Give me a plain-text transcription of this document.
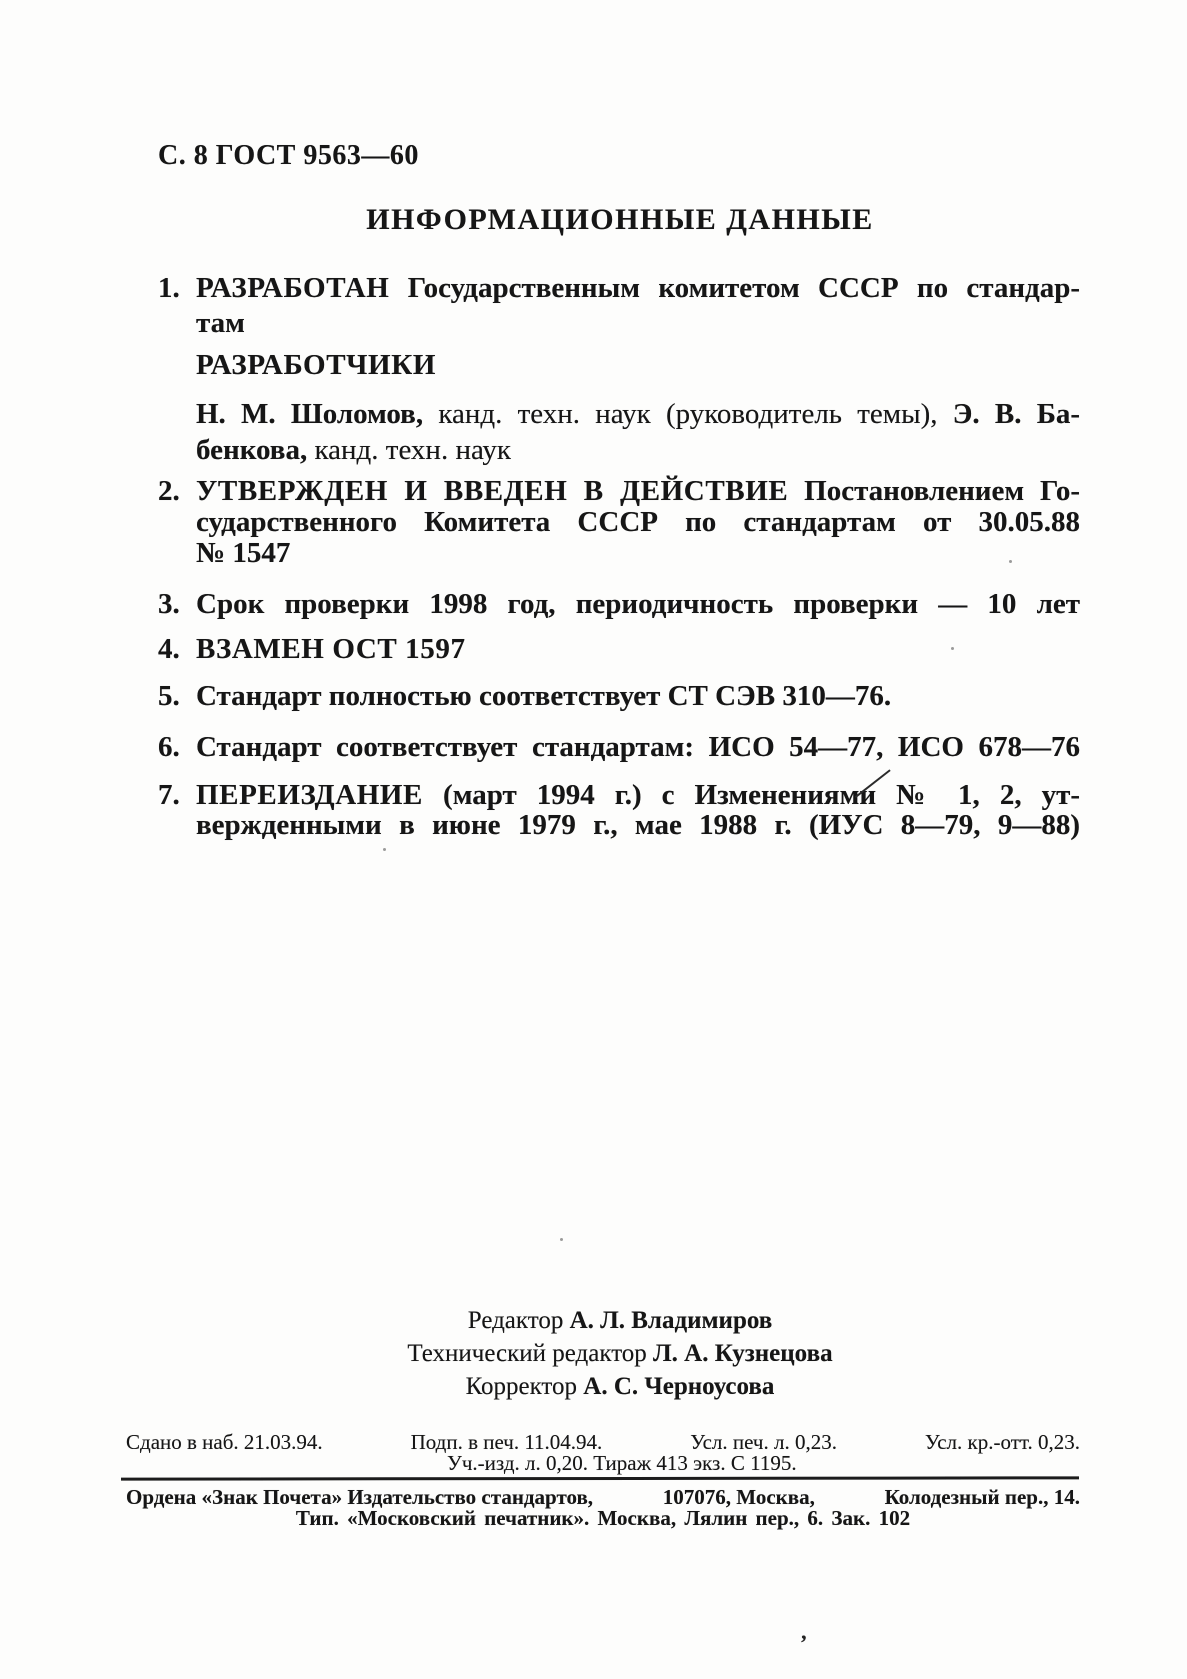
С. 8 ГОСТ 9563—60
ИНФОРМАЦИОННЫЕ ДАННЫЕ
1. РАЗРАБОТАН Государственным комитетом СССР по стандар-
там
РАЗРАБОТЧИКИ
Н. М. Шоломов, канд. техн. наук (руководитель темы), Э. В. Ба-
бенкова, канд. техн. наук
2. УТВЕРЖДЕН И ВВЕДЕН В ДЕЙСТВИЕ Постановлением Го-
сударственного Комитета СССР по стандартам от 30.05.88
№ 1547
3. Срок проверки 1998 год, периодичность проверки — 10 лет
4. ВЗАМЕН ОСТ 1597
5. Стандарт полностью соответствует СТ СЭВ 310—76.
6. Стандарт соответствует стандартам: ИСО 54—77, ИСО 678—76
7. ПЕРЕИЗДАНИЕ (март 1994 г.) с Изменениями № 1, 2, ут-
вержденными в июне 1979 г., мае 1988 г. (ИУС 8—79, 9—88)
’
Редактор А. Л. Владимиров
Технический редактор Л. А. Кузнецова
Корректор А. С. Черноусова
Сдано в наб. 21.03.94.	Подп. в печ. 11.04.94.	Усл. печ. л. 0,23.	Усл. кр.-отт. 0,23.
Уч.-изд. л. 0,20. Тираж 413 экз. С 1195.
Ордена «Знак Почета» Издательство стандартов,	107076, Москва,	Колодезный пер., 14.
Тип. «Московский печатник». Москва, Лялин пер., 6. Зак. 102
